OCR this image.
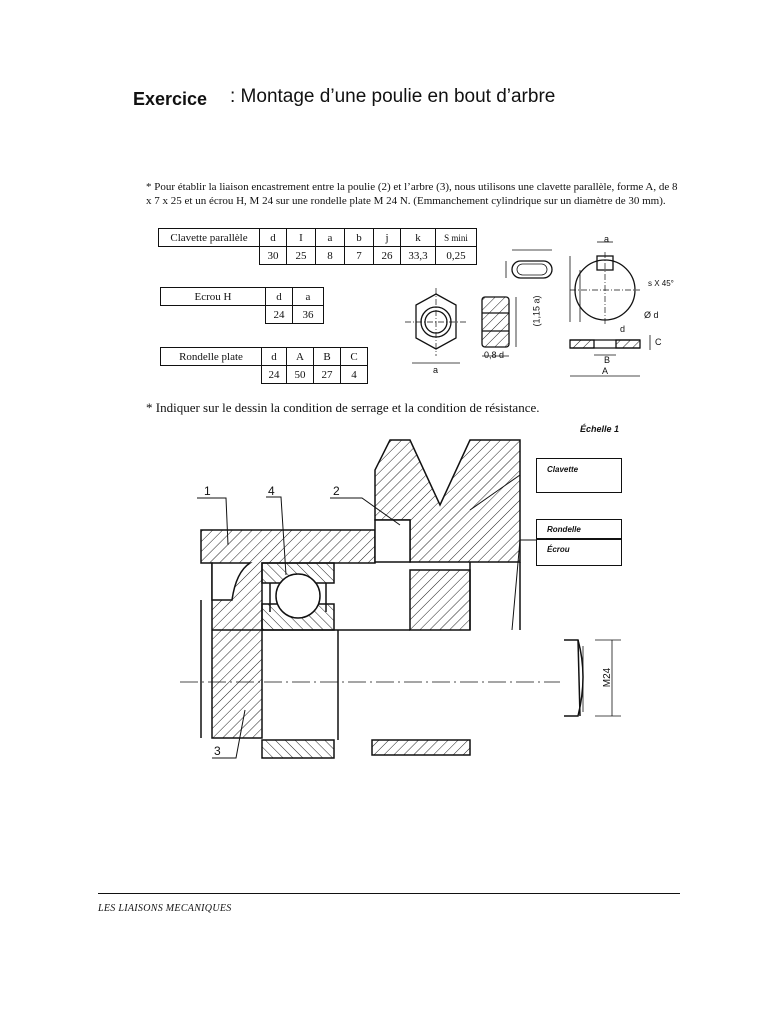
Exercice : Montage d’une poulie en bout d’arbre
* Pour établir la liaison encastrement entre la poulie (2) et l’arbre (3), nous utilisons une clavette parallèle, forme A, de 8 x 7 x 25 et un écrou H, M 24 sur une rondelle plate M 24 N. (Emmanchement cylindrique sur un diamètre de 30 mm).
Clavette parallèle	d	I	a	b	j	k	S mini
	30	25	8	7	26	33,3	0,25
Ecrou H	d	a
	24	36
Rondelle plate	d	A	B	C
	24	50	27	4
(1,15 a)
0,8 d
a
a
s X 45°
Ø d
C
d
B
A
* Indiquer sur le dessin la condition de serrage et la condition de résistance.
Échelle 1
1	4	2
3
Clavette
Rondelle
Écrou
M24
LES LIAISONS MECANIQUES
